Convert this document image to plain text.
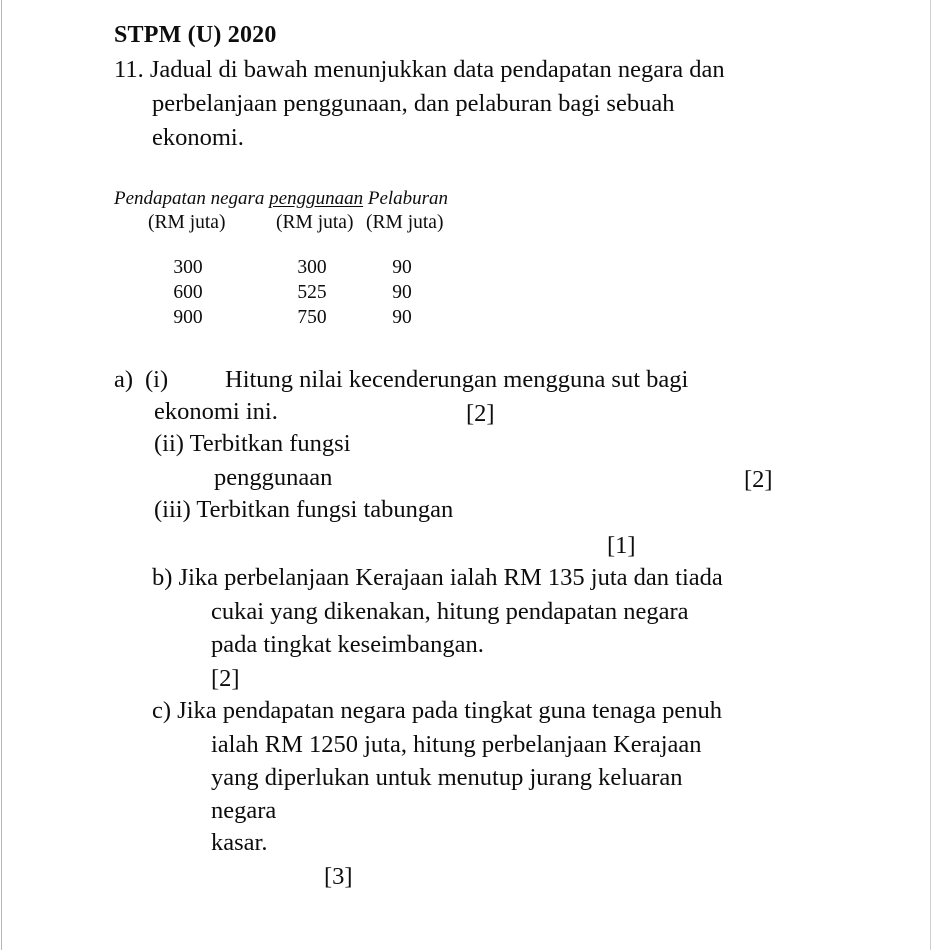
STPM (U) 2020
11. Jadual di bawah menunjukkan data pendapatan negara dan
perbelanjaan penggunaan, dan pelaburan bagi sebuah
ekonomi.
Pendapatan negara penggunaan Pelaburan
(RM juta)	(RM juta) (RM juta)
300	300	90
600	525	90
900	750	90
a) (i) Hitung nilai kecenderungan mengguna sut bagi
ekonomi ini.	[2]
(ii) Terbitkan fungsi
penggunaan	[2]
(iii) Terbitkan fungsi tabungan
[1]
b) Jika perbelanjaan Kerajaan ialah RM 135 juta dan tiada
cukai yang dikenakan, hitung pendapatan negara
pada tingkat keseimbangan.
[2]
c) Jika pendapatan negara pada tingkat guna tenaga penuh
ialah RM 1250 juta, hitung perbelanjaan Kerajaan
yang diperlukan untuk menutup jurang keluaran
negara
kasar.
[3]
